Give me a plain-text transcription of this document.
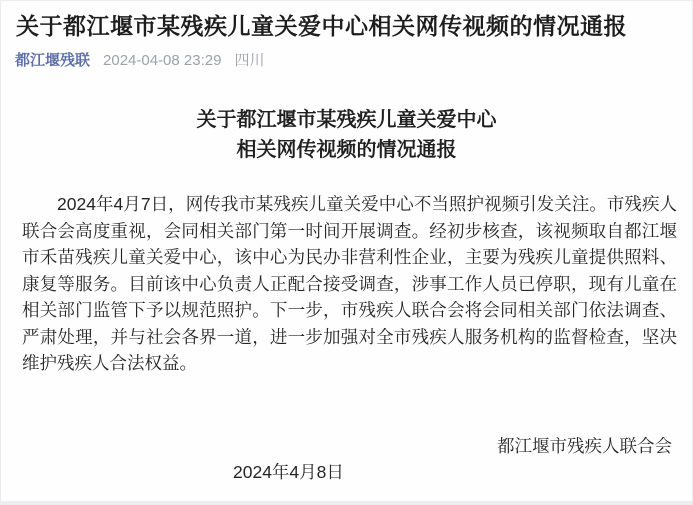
关于都江堰市某残疾儿童关爱中心相关网传视频的情况通报
都江堰残联 2024-04-08 23:29 四川
关于都江堰市某残疾儿童关爱中心
相关网传视频的情况通报

2024年4月7日，网传我市某残疾儿童关爱中心不当照护视频引发关注。市残疾人联合会高度重视，会同相关部门第一时间开展调查。经初步核查，该视频取自都江堰市禾苗残疾儿童关爱中心，该中心为民办非营利性企业，主要为残疾儿童提供照料、康复等服务。目前该中心负责人正配合接受调查，涉事工作人员已停职，现有儿童在相关部门监管下予以规范照护。下一步，市残疾人联合会将会同相关部门依法调查、严肃处理，并与社会各界一道，进一步加强对全市残疾人服务机构的监督检查，坚决维护残疾人合法权益。

都江堰市残疾人联合会
2024年4月8日
